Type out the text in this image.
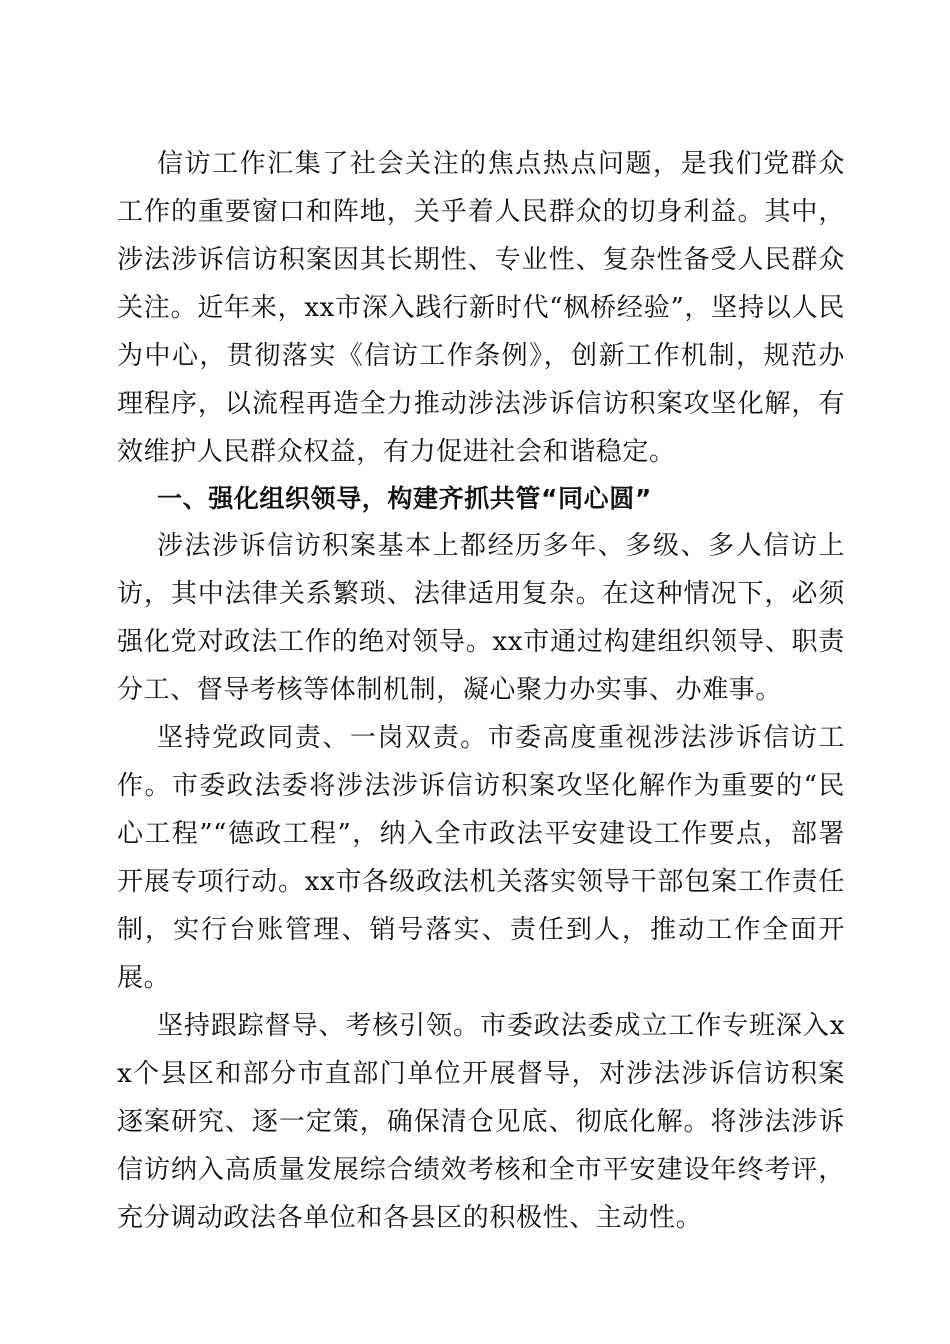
信访工作汇集了社会关注的焦点热点问题，是我们党群众工作的重要窗口和阵地，关乎着人民群众的切身利益。其中，涉法涉诉信访积案因其长期性、专业性、复杂性备受人民群众关注。近年来，xx市深入践行新时代“枫桥经验”，坚持以人民为中心，贯彻落实《信访工作条例》，创新工作机制，规范办理程序，以流程再造全力推动涉法涉诉信访积案攻坚化解，有效维护人民群众权益，有力促进社会和谐稳定。

一、强化组织领导，构建齐抓共管“同心圆”

涉法涉诉信访积案基本上都经历多年、多级、多人信访上访，其中法律关系繁琐、法律适用复杂。在这种情况下，必须强化党对政法工作的绝对领导。xx市通过构建组织领导、职责分工、督导考核等体制机制，凝心聚力办实事、办难事。

坚持党政同责、一岗双责。市委高度重视涉法涉诉信访工作。市委政法委将涉法涉诉信访积案攻坚化解作为重要的“民心工程”“德政工程”，纳入全市政法平安建设工作要点，部署开展专项行动。xx市各级政法机关落实领导干部包案工作责任制，实行台账管理、销号落实、责任到人，推动工作全面开展。

坚持跟踪督导、考核引领。市委政法委成立工作专班深入xx个县区和部分市直部门单位开展督导，对涉法涉诉信访积案逐案研究、逐一定策，确保清仓见底、彻底化解。将涉法涉诉信访纳入高质量发展综合绩效考核和全市平安建设年终考评，充分调动政法各单位和各县区的积极性、主动性。
